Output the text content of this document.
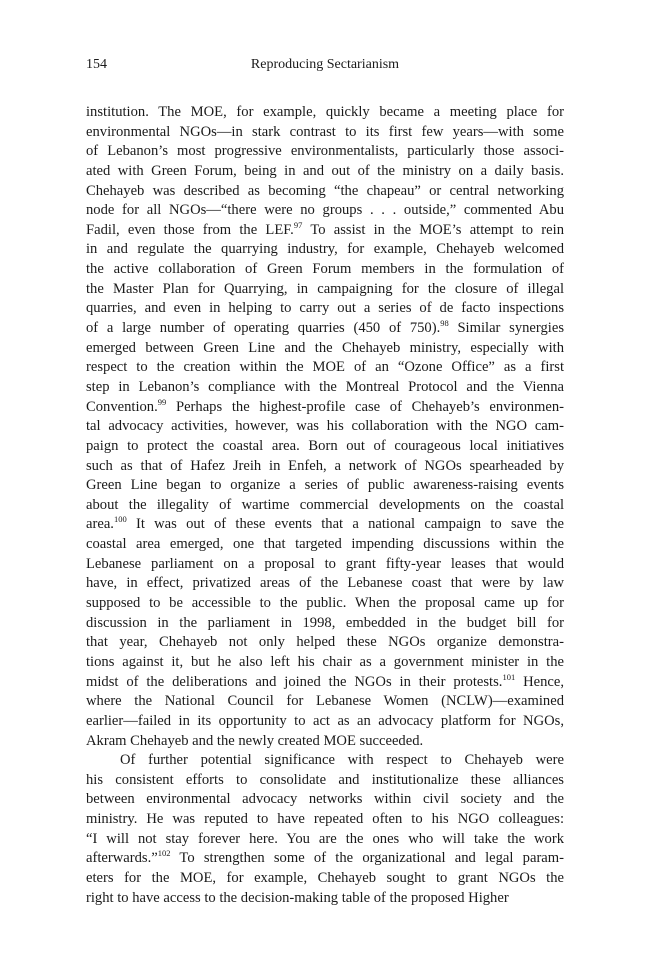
154	Reproducing Sectarianism
institution. The MOE, for example, quickly became a meeting place for
environmental NGOs—in stark contrast to its first few years—with some
of Lebanon’s most progressive environmentalists, particularly those associ-
ated with Green Forum, being in and out of the ministry on a daily basis.
Chehayeb was described as becoming “the chapeau” or central networking
node for all NGOs—“there were no groups . . . outside,” commented Abu
Fadil, even those from the LEF.$^{97}$ To assist in the MOE’s attempt to rein
in and regulate the quarrying industry, for example, Chehayeb welcomed
the active collaboration of Green Forum members in the formulation of
the Master Plan for Quarrying, in campaigning for the closure of illegal
quarries, and even in helping to carry out a series of de facto inspections
of a large number of operating quarries (450 of 750).$^{98}$ Similar synergies
emerged between Green Line and the Chehayeb ministry, especially with
respect to the creation within the MOE of an “Ozone Office” as a first
step in Lebanon’s compliance with the Montreal Protocol and the Vienna
Convention.$^{99}$ Perhaps the highest-profile case of Chehayeb’s environmen-
tal advocacy activities, however, was his collaboration with the NGO cam-
paign to protect the coastal area. Born out of courageous local initiatives
such as that of Hafez Jreih in Enfeh, a network of NGOs spearheaded by
Green Line began to organize a series of public awareness-raising events
about the illegality of wartime commercial developments on the coastal
area.$^{100}$ It was out of these events that a national campaign to save the
coastal area emerged, one that targeted impending discussions within the
Lebanese parliament on a proposal to grant fifty-year leases that would
have, in effect, privatized areas of the Lebanese coast that were by law
supposed to be accessible to the public. When the proposal came up for
discussion in the parliament in 1998, embedded in the budget bill for
that year, Chehayeb not only helped these NGOs organize demonstra-
tions against it, but he also left his chair as a government minister in the
midst of the deliberations and joined the NGOs in their protests.$^{101}$ Hence,
where the National Council for Lebanese Women (NCLW)—examined
earlier—failed in its opportunity to act as an advocacy platform for NGOs,
Akram Chehayeb and the newly created MOE succeeded.
Of further potential significance with respect to Chehayeb were
his consistent efforts to consolidate and institutionalize these alliances
between environmental advocacy networks within civil society and the
ministry. He was reputed to have repeated often to his NGO colleagues:
“I will not stay forever here. You are the ones who will take the work
afterwards.”$^{102}$ To strengthen some of the organizational and legal param-
eters for the MOE, for example, Chehayeb sought to grant NGOs the
right to have access to the decision-making table of the proposed Higher
